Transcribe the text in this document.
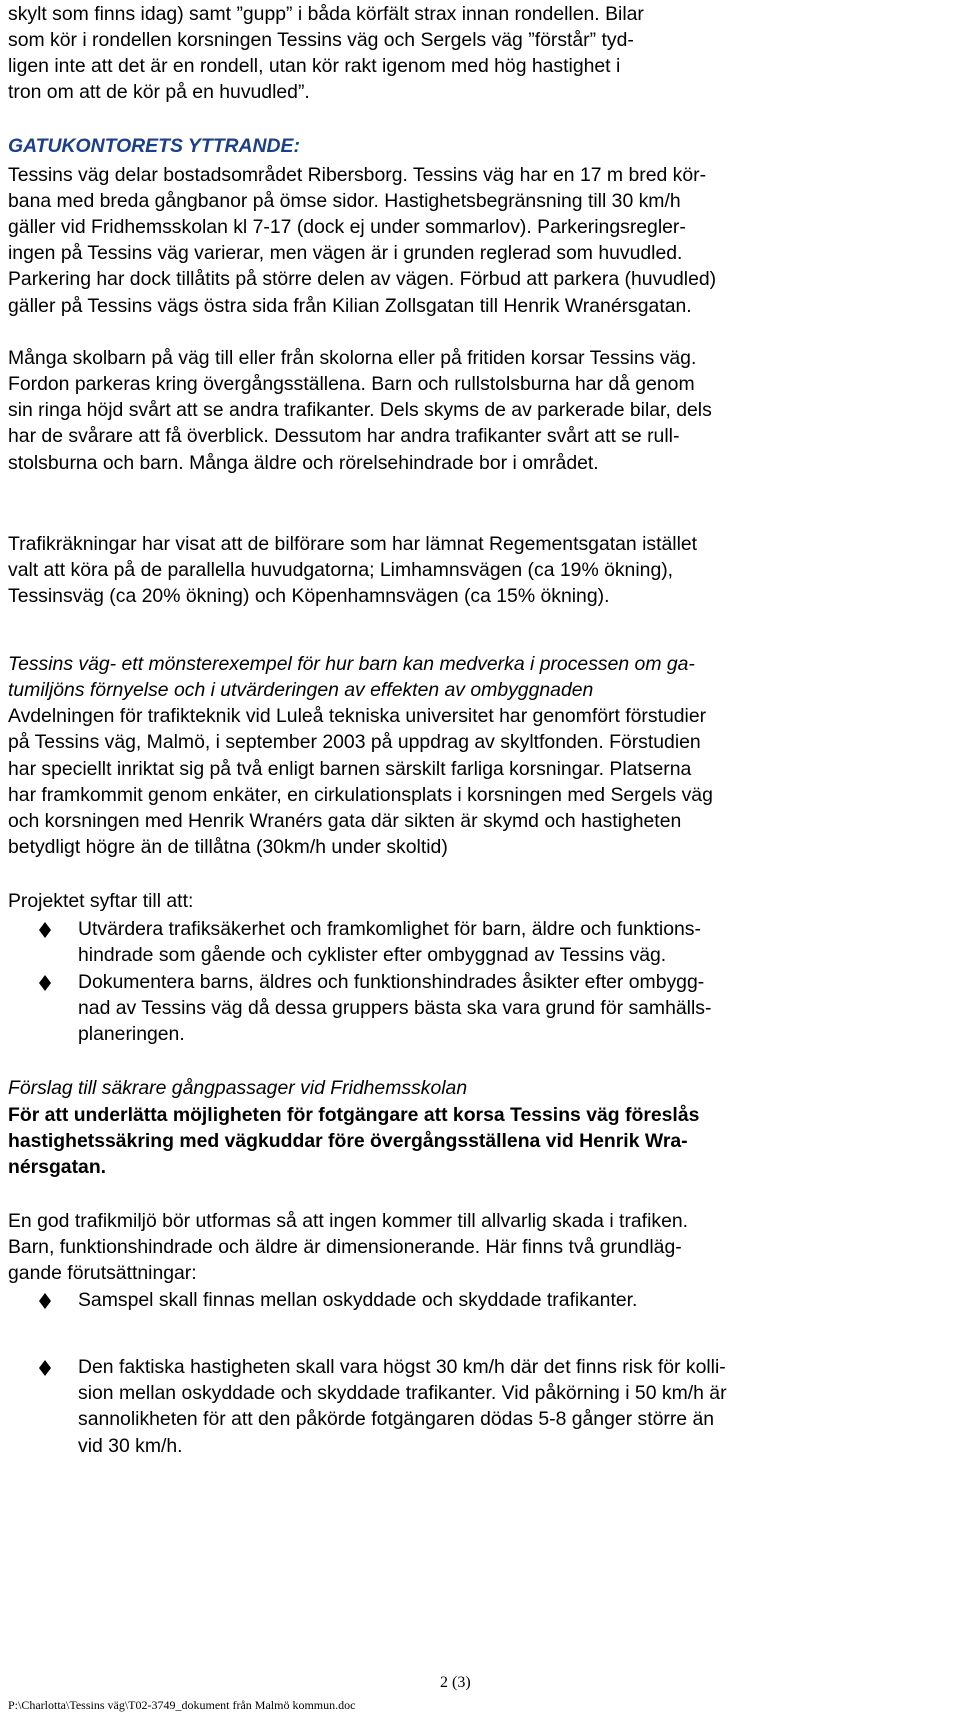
skylt som finns idag) samt ”gupp” i båda körfält strax innan rondellen. Bilar
som kör i rondellen korsningen Tessins väg och Sergels väg ”förstår” tyd-
ligen inte att det är en rondell, utan kör rakt igenom med hög hastighet i
tron om att de kör på en huvudled”.
GATUKONTORETS YTTRANDE:
Tessins väg delar bostadsområdet Ribersborg. Tessins väg har en 17 m bred kör-
bana med breda gångbanor på ömse sidor. Hastighetsbegränsning till 30 km/h
gäller vid Fridhemsskolan kl 7-17 (dock ej under sommarlov). Parkeringsregler-
ingen på Tessins väg varierar, men vägen är i grunden reglerad som huvudled.
Parkering har dock tillåtits på större delen av vägen. Förbud att parkera (huvudled)
gäller på Tessins vägs östra sida från Kilian Zollsgatan till Henrik Wranérsgatan.
Många skolbarn på väg till eller från skolorna eller på fritiden korsar Tessins väg.
Fordon parkeras kring övergångsställena. Barn och rullstolsburna har då genom
sin ringa höjd svårt att se andra trafikanter. Dels skyms de av parkerade bilar, dels
har de svårare att få överblick. Dessutom har andra trafikanter svårt att se rull-
stolsburna och barn. Många äldre och rörelsehindrade bor i området.
Trafikräkningar har visat att de bilförare som har lämnat Regementsgatan istället
valt att köra på de parallella huvudgatorna; Limhamnsvägen (ca 19% ökning),
Tessinsväg (ca 20% ökning) och Köpenhamnsvägen (ca 15% ökning).
Tessins väg- ett mönsterexempel för hur barn kan medverka i processen om ga-
tumiljöns förnyelse och i utvärderingen av effekten av ombyggnaden
Avdelningen för trafikteknik vid Luleå tekniska universitet har genomfört förstudier
på Tessins väg, Malmö, i september 2003 på uppdrag av skyltfonden. Förstudien
har speciellt inriktat sig på två enligt barnen särskilt farliga korsningar. Platserna
har framkommit genom enkäter, en cirkulationsplats i korsningen med Sergels väg
och korsningen med Henrik Wranérs gata där sikten är skymd och hastigheten
betydligt högre än de tillåtna (30km/h under skoltid)
Projektet syftar till att:
Utvärdera trafiksäkerhet och framkomlighet för barn, äldre och funktions-
hindrade som gående och cyklister efter ombyggnad av Tessins väg.
Dokumentera barns, äldres och funktionshindrades åsikter efter ombygg-
nad av Tessins väg då dessa gruppers bästa ska vara grund för samhälls-
planeringen.
Förslag till säkrare gångpassager vid Fridhemsskolan
För att underlätta möjligheten för fotgängare att korsa Tessins väg föreslås
hastighetssäkring med vägkuddar före övergångsställena vid Henrik Wra-
nérsgatan.
En god trafikmiljö bör utformas så att ingen kommer till allvarlig skada i trafiken.
Barn, funktionshindrade och äldre är dimensionerande. Här finns två grundläg-
gande förutsättningar:
Samspel skall finnas mellan oskyddade och skyddade trafikanter.
Den faktiska hastigheten skall vara högst 30 km/h där det finns risk för kolli-
sion mellan oskyddade och skyddade trafikanter. Vid påkörning i 50 km/h är
sannolikheten för att den påkörde fotgängaren dödas 5-8 gånger större än
vid 30 km/h.
2 (3)
P:\Charlotta\Tessins väg\T02-3749_dokument från Malmö kommun.doc
